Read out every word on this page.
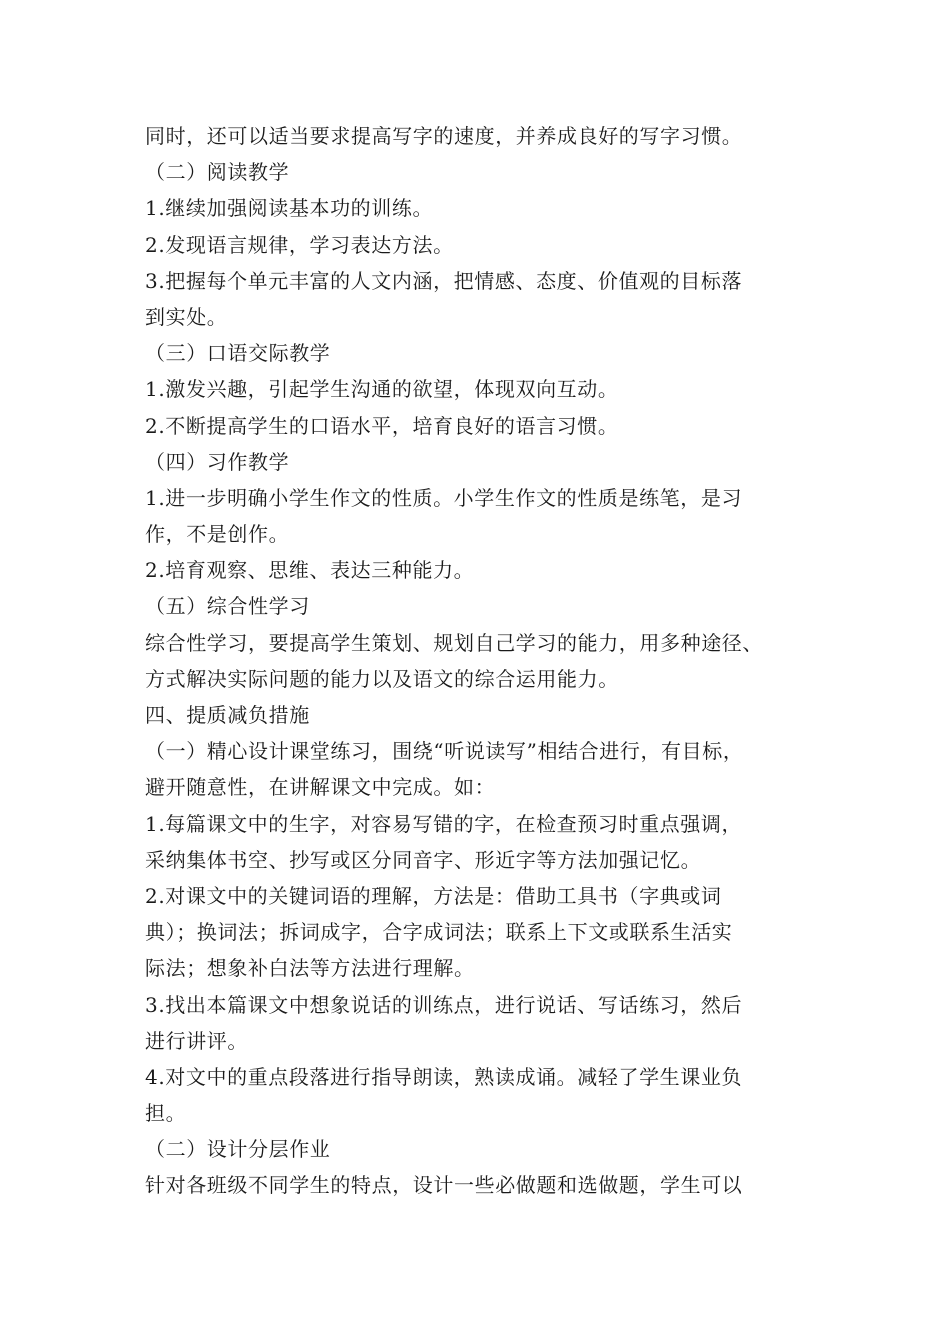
同时，还可以适当要求提高写字的速度，并养成良好的写字习惯。
（二）阅读教学
1.继续加强阅读基本功的训练。
2.发现语言规律，学习表达方法。
3.把握每个单元丰富的人文内涵，把情感、态度、价值观的目标落
到实处。
（三）口语交际教学
1.激发兴趣，引起学生沟通的欲望，体现双向互动。
2.不断提高学生的口语水平，培育良好的语言习惯。
（四）习作教学
1.进一步明确小学生作文的性质。小学生作文的性质是练笔，是习
作，不是创作。
2.培育观察、思维、表达三种能力。
（五）综合性学习
综合性学习，要提高学生策划、规划自己学习的能力，用多种途径、
方式解决实际问题的能力以及语文的综合运用能力。
四、提质减负措施
（一）精心设计课堂练习，围绕“听说读写”相结合进行，有目标，
避开随意性，在讲解课文中完成。如：
1.每篇课文中的生字，对容易写错的字，在检查预习时重点强调，
采纳集体书空、抄写或区分同音字、形近字等方法加强记忆。
2.对课文中的关键词语的理解，方法是：借助工具书（字典或词
典）；换词法；拆词成字，合字成词法；联系上下文或联系生活实
际法；想象补白法等方法进行理解。
3.找出本篇课文中想象说话的训练点，进行说话、写话练习，然后
进行讲评。
4.对文中的重点段落进行指导朗读，熟读成诵。减轻了学生课业负
担。
（二）设计分层作业
针对各班级不同学生的特点，设计一些必做题和选做题，学生可以
